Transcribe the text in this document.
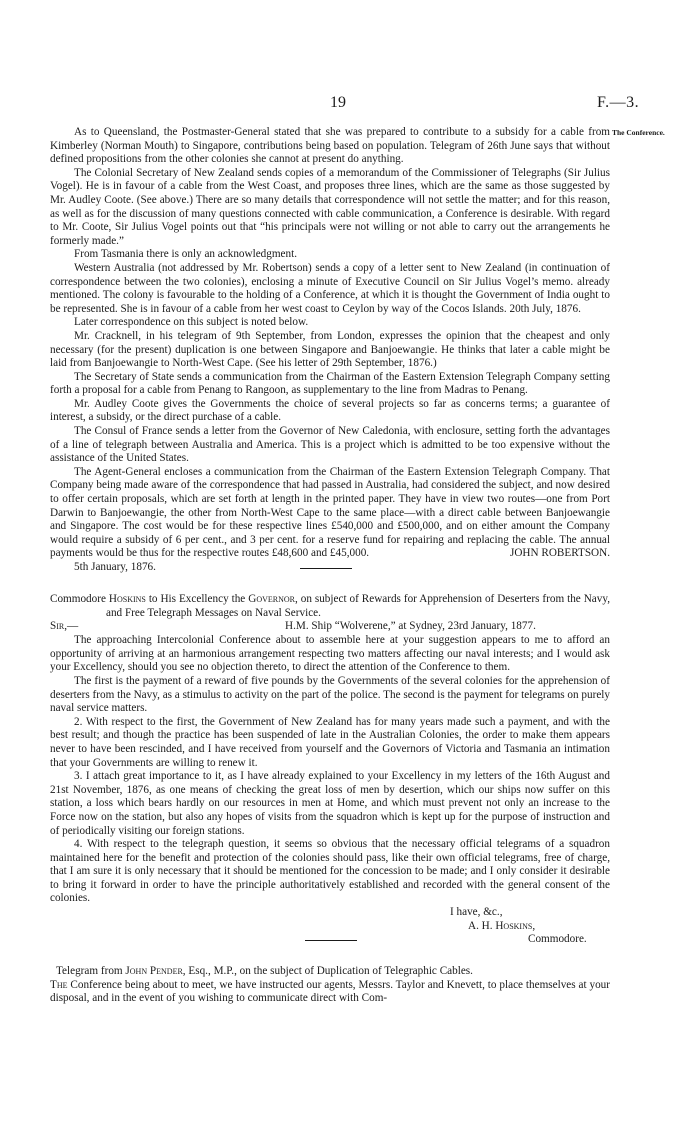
19	F.—3.
The Conference.

As to Queensland, the Postmaster-General stated that she was prepared to contribute to a subsidy for a cable from Kimberley (Norman Mouth) to Singapore, contributions being based on population. Telegram of 26th June says that without defined propositions from the other colonies she cannot at present do anything.

The Colonial Secretary of New Zealand sends copies of a memorandum of the Commissioner of Telegraphs (Sir Julius Vogel). He is in favour of a cable from the West Coast, and proposes three lines, which are the same as those suggested by Mr. Audley Coote. (See above.) There are so many details that correspondence will not settle the matter; and for this reason, as well as for the discussion of many questions connected with cable communication, a Conference is desirable. With regard to Mr. Coote, Sir Julius Vogel points out that “his principals were not willing or not able to carry out the arrangements he formerly made.”

From Tasmania there is only an acknowledgment.

Western Australia (not addressed by Mr. Robertson) sends a copy of a letter sent to New Zealand (in continuation of correspondence between the two colonies), enclosing a minute of Executive Council on Sir Julius Vogel’s memo. already mentioned. The colony is favourable to the holding of a Conference, at which it is thought the Government of India ought to be represented. She is in favour of a cable from her west coast to Ceylon by way of the Cocos Islands. 20th July, 1876.

Later correspondence on this subject is noted below.

Mr. Cracknell, in his telegram of 9th September, from London, expresses the opinion that the cheapest and only necessary (for the present) duplication is one between Singapore and Banjoewangie. He thinks that later a cable might be laid from Banjoewangie to North-West Cape. (See his letter of 29th September, 1876.)

The Secretary of State sends a communication from the Chairman of the Eastern Extension Telegraph Company setting forth a proposal for a cable from Penang to Rangoon, as supplementary to the line from Madras to Penang.

Mr. Audley Coote gives the Governments the choice of several projects so far as concerns terms; a guarantee of interest, a subsidy, or the direct purchase of a cable.

The Consul of France sends a letter from the Governor of New Caledonia, with enclosure, setting forth the advantages of a line of telegraph between Australia and America. This is a project which is admitted to be too expensive without the assistance of the United States.

The Agent-General encloses a communication from the Chairman of the Eastern Extension Telegraph Company. That Company being made aware of the correspondence that had passed in Australia, had considered the subject, and now desired to offer certain proposals, which are set forth at length in the printed paper. They have in view two routes—one from Port Darwin to Banjoewangie, the other from North-West Cape to the same place—with a direct cable between Banjoewangie and Singapore. The cost would be for these respective lines £540,000 and £500,000, and on either amount the Company would require a subsidy of 6 per cent., and 3 per cent. for a reserve fund for repairing and replacing the cable. The annual payments would be thus for the respective routes £48,600 and £45,000.	JOHN ROBERTSON.

5th January, 1876.

Commodore Hoskins to His Excellency the Governor, on subject of Rewards for Apprehension of Deserters from the Navy, and Free Telegraph Messages on Naval Service.

Sir,—	H.M. Ship “Wolverene,” at Sydney, 23rd January, 1877.

The approaching Intercolonial Conference about to assemble here at your suggestion appears to me to afford an opportunity of arriving at an harmonious arrangement respecting two matters affecting our naval interests; and I would ask your Excellency, should you see no objection thereto, to direct the attention of the Conference to them.

The first is the payment of a reward of five pounds by the Governments of the several colonies for the apprehension of deserters from the Navy, as a stimulus to activity on the part of the police. The second is the payment for telegrams on purely naval service matters.

2. With respect to the first, the Government of New Zealand has for many years made such a payment, and with the best result; and though the practice has been suspended of late in the Australian Colonies, the order to make them appears never to have been rescinded, and I have received from yourself and the Governors of Victoria and Tasmania an intimation that your Governments are willing to renew it.

3. I attach great importance to it, as I have already explained to your Excellency in my letters of the 16th August and 21st November, 1876, as one means of checking the great loss of men by desertion, which our ships now suffer on this station, a loss which bears hardly on our resources in men at Home, and which must prevent not only an increase to the Force now on the station, but also any hopes of visits from the squadron which is kept up for the purpose of instruction and of periodically visiting our foreign stations.

4. With respect to the telegraph question, it seems so obvious that the necessary official telegrams of a squadron maintained here for the benefit and protection of the colonies should pass, like their own official telegrams, free of charge, that I am sure it is only necessary that it should be mentioned for the concession to be made; and I only consider it desirable to bring it forward in order to have the principle authoritatively established and recorded with the general consent of the colonies.

I have, &c.,

A. H. Hoskins,

Commodore.

Telegram from John Pender, Esq., M.P., on the subject of Duplication of Telegraphic Cables.

The Conference being about to meet, we have instructed our agents, Messrs. Taylor and Knevett, to place themselves at your disposal, and in the event of you wishing to communicate direct with Com-
